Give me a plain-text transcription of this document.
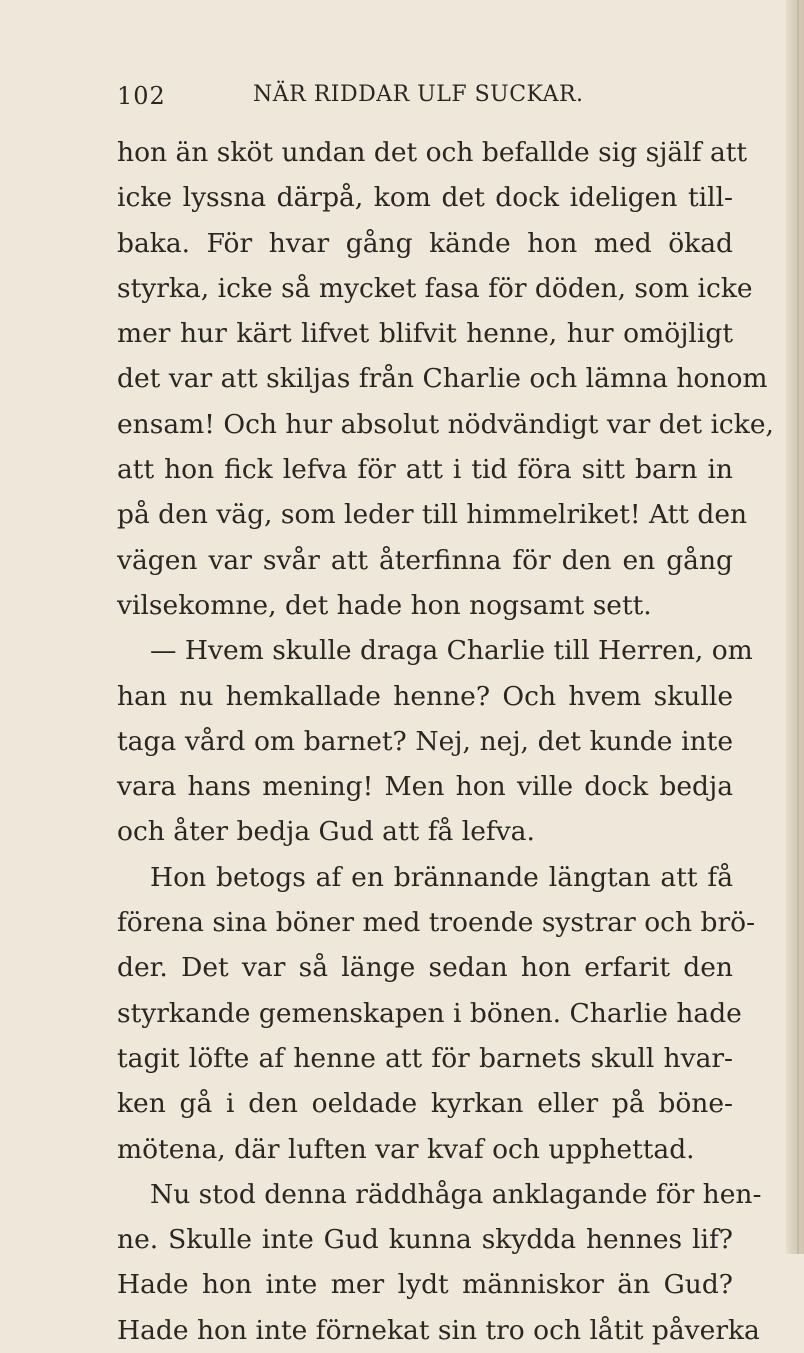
102	NÄR RIDDAR ULF SUCKAR.
hon än sköt undan det och befallde sig själf att
icke lyssna därpå, kom det dock ideligen till-
baka. För hvar gång kände hon med ökad
styrka, icke så mycket fasa för döden, som icke
mer hur kärt lifvet blifvit henne, hur omöjligt
det var att skiljas från Charlie och lämna honom
ensam! Och hur absolut nödvändigt var det icke,
att hon fick lefva för att i tid föra sitt barn in
på den väg, som leder till himmelriket! Att den
vägen var svår att återfinna för den en gång
vilsekomne, det hade hon nogsamt sett.
— Hvem skulle draga Charlie till Herren, om
han nu hemkallade henne? Och hvem skulle
taga vård om barnet? Nej, nej, det kunde inte
vara hans mening! Men hon ville dock bedja
och åter bedja Gud att få lefva.
Hon betogs af en brännande längtan att få
förena sina böner med troende systrar och brö-
der. Det var så länge sedan hon erfarit den
styrkande gemenskapen i bönen. Charlie hade
tagit löfte af henne att för barnets skull hvar-
ken gå i den oeldade kyrkan eller på böne-
mötena, där luften var kvaf och upphettad.
Nu stod denna räddhåga anklagande för hen-
ne. Skulle inte Gud kunna skydda hennes lif?
Hade hon inte mer lydt människor än Gud?
Hade hon inte förnekat sin tro och låtit påverka
